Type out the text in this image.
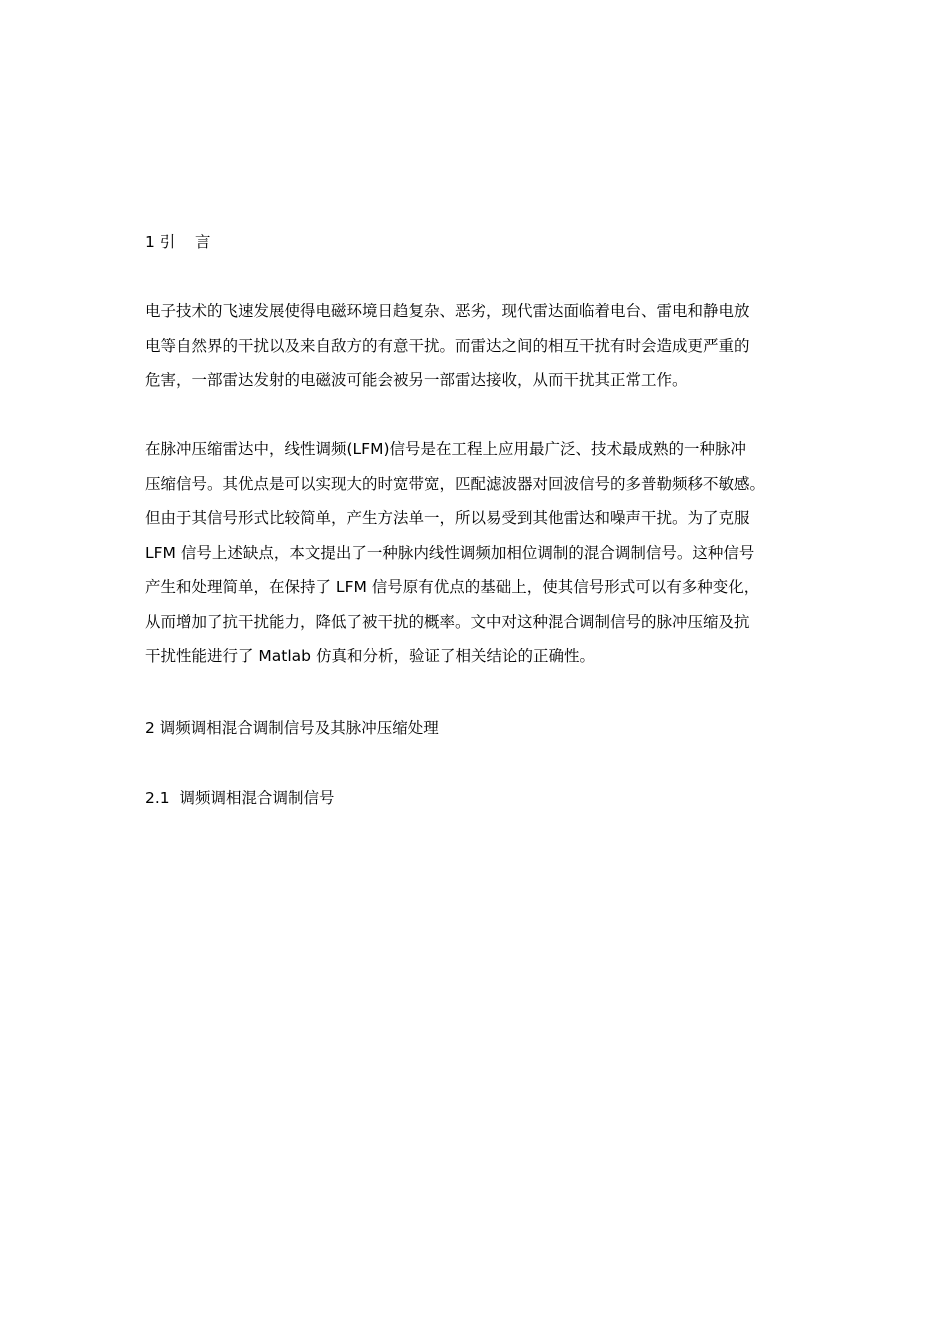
1 引    言
电子技术的飞速发展使得电磁环境日趋复杂、恶劣，现代雷达面临着电台、雷电和静电放
电等自然界的干扰以及来自敌方的有意干扰。而雷达之间的相互干扰有时会造成更严重的
危害，一部雷达发射的电磁波可能会被另一部雷达接收，从而干扰其正常工作。
在脉冲压缩雷达中，线性调频(LFM)信号是在工程上应用最广泛、技术最成熟的一种脉冲
压缩信号。其优点是可以实现大的时宽带宽，匹配滤波器对回波信号的多普勒频移不敏感。
但由于其信号形式比较简单，产生方法单一，所以易受到其他雷达和噪声干扰。为了克服
LFM 信号上述缺点，本文提出了一种脉内线性调频加相位调制的混合调制信号。这种信号
产生和处理简单，在保持了 LFM 信号原有优点的基础上，使其信号形式可以有多种变化，
从而增加了抗干扰能力，降低了被干扰的概率。文中对这种混合调制信号的脉冲压缩及抗
干扰性能进行了 Matlab 仿真和分析，验证了相关结论的正确性。
2 调频调相混合调制信号及其脉冲压缩处理
2.1  调频调相混合调制信号
